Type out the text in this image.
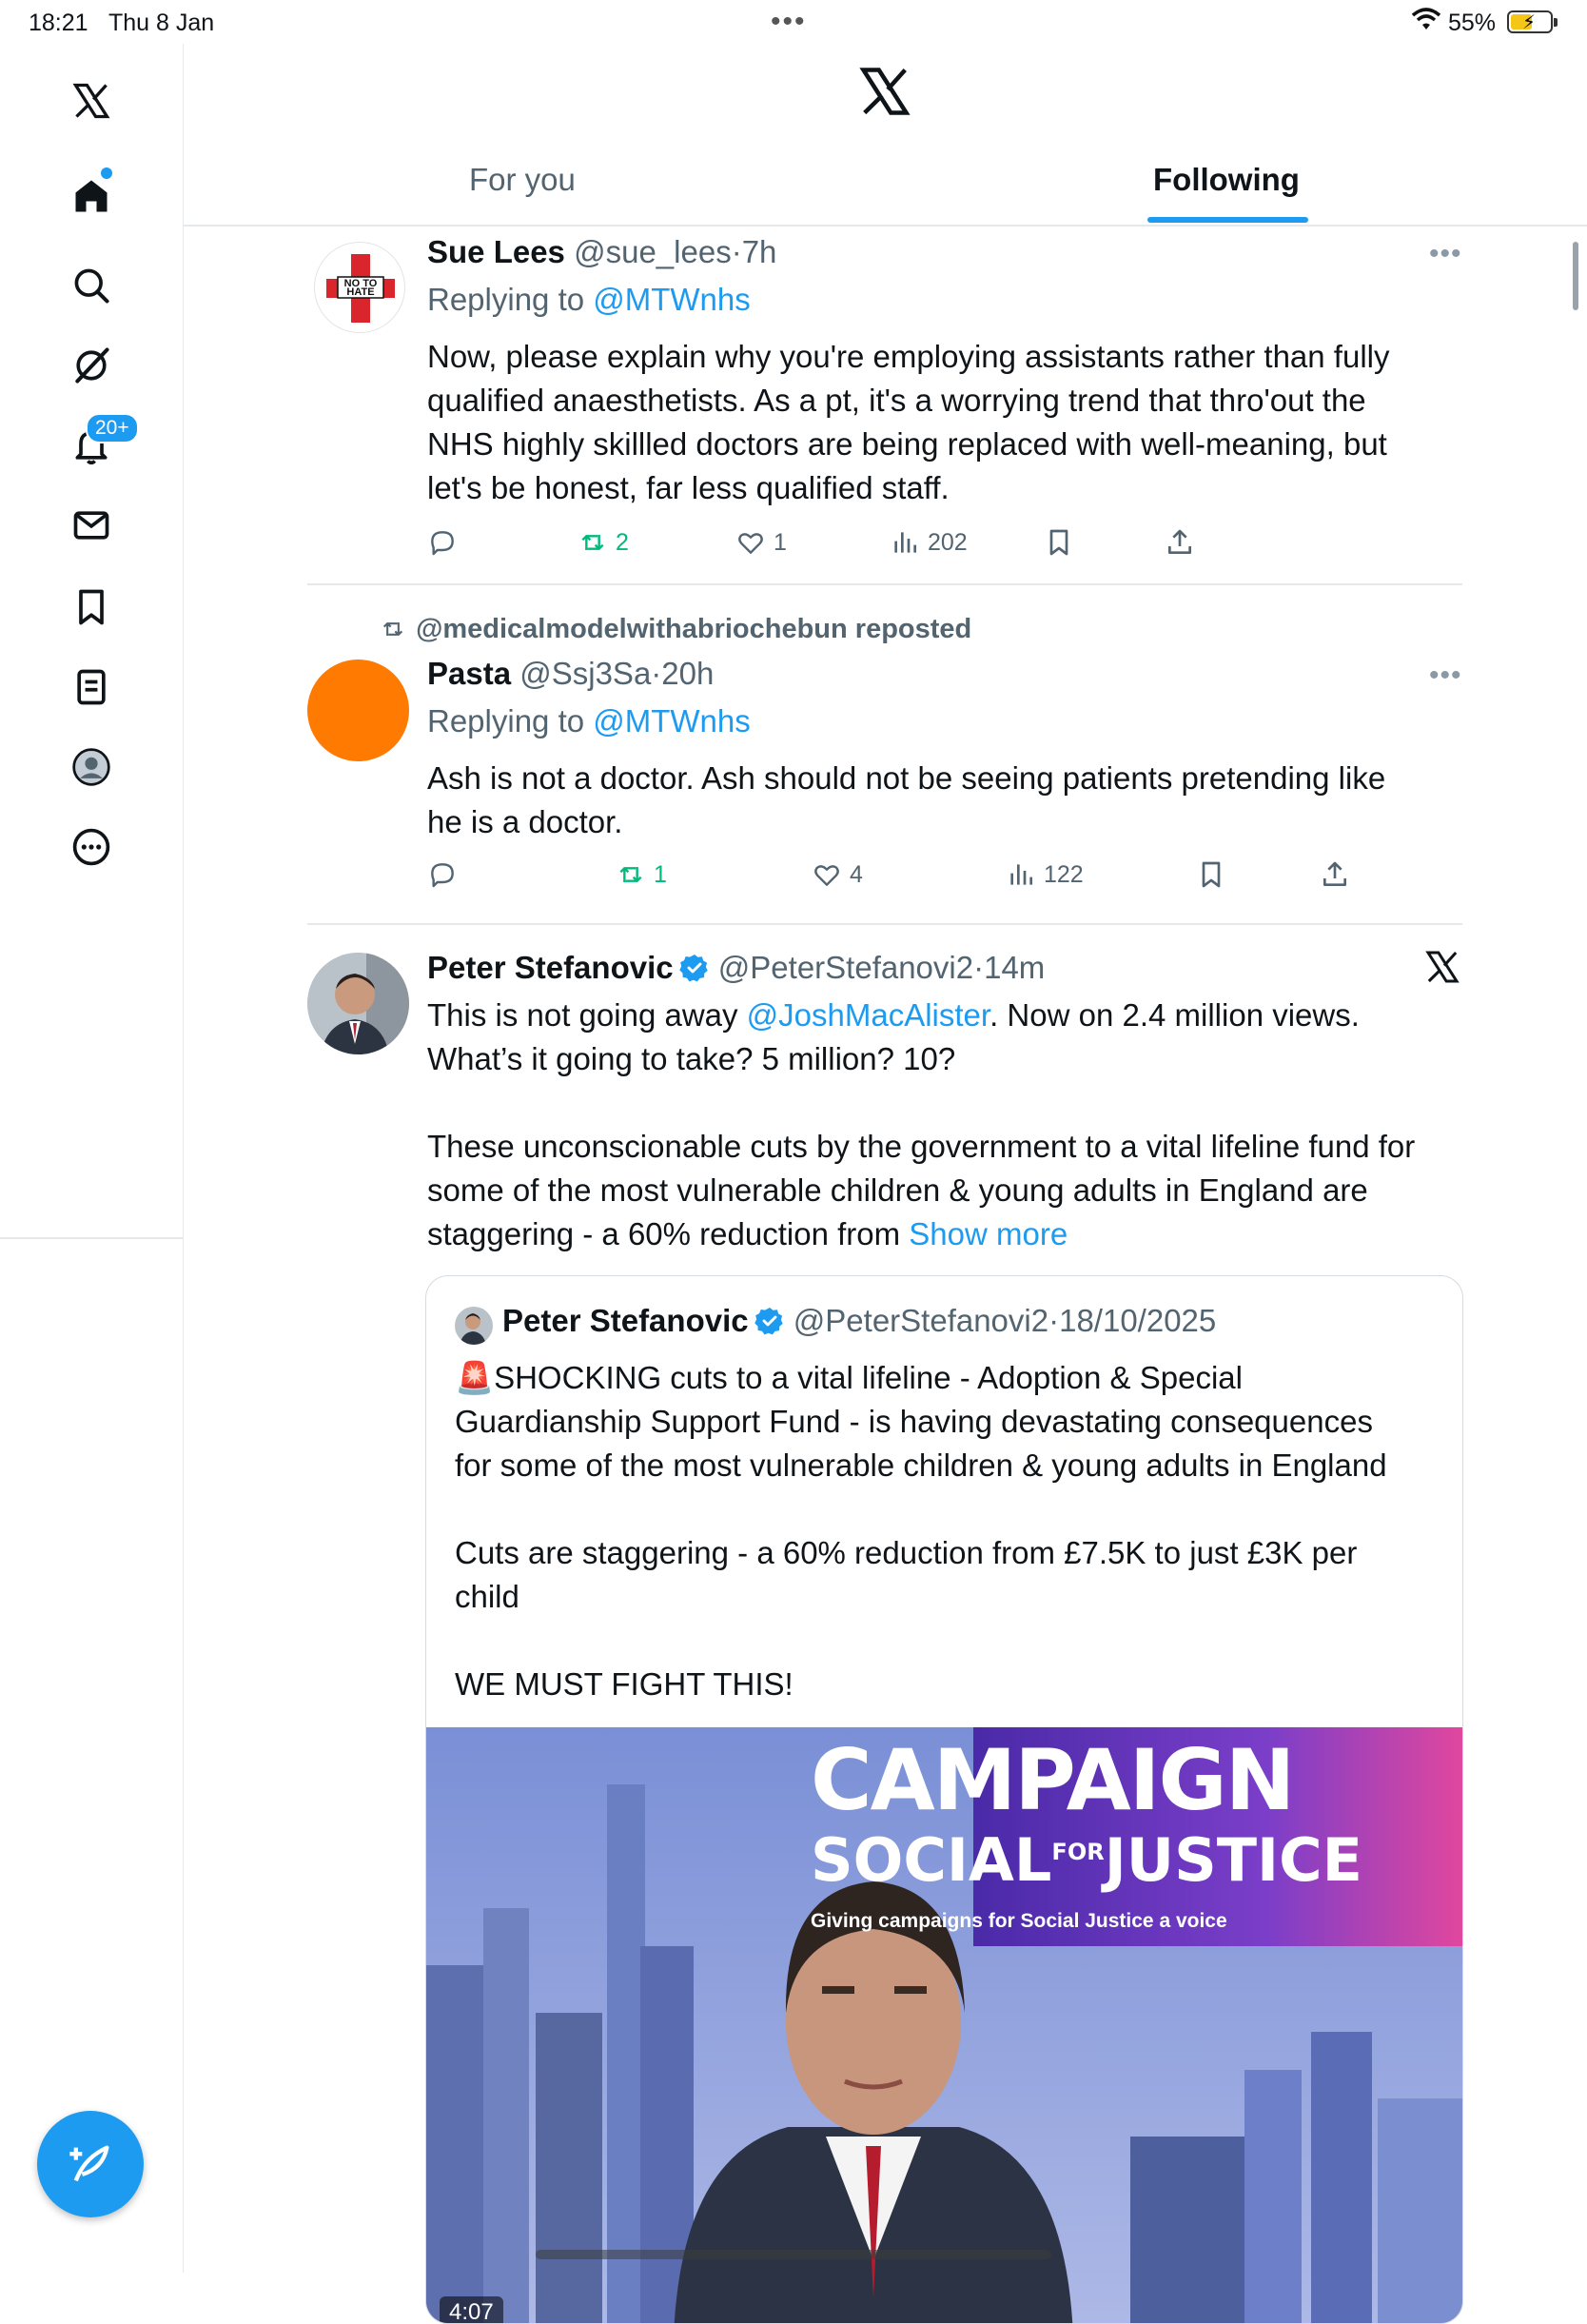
18:21 Thu 8 Jan	•••	55% ⚡
20+
For you	Following
NO TO HATE
Sue Lees @sue_lees·7h	•••
Replying to @MTWnhs
Now, please explain why you're employing assistants rather than fully
qualified anaesthetists. As a pt, it's a worrying trend that thro'out the
NHS highly skillled doctors are being replaced with well-meaning, but
let's be honest, far less qualified staff.
2	1	202
@medicalmodelwithabriochebun reposted
Pasta @Ssj3Sa·20h	•••
Replying to @MTWnhs
Ash is not a doctor. Ash should not be seeing patients pretending like
he is a doctor.
1	4	122
Peter Stefanovic @PeterStefanovi2·14m
This is not going away @JoshMacAlister. Now on 2.4 million views.
What’s it going to take? 5 million? 10?
These unconscionable cuts by the government to a vital lifeline fund for
some of the most vulnerable children & young adults in England are
staggering - a 60% reduction from Show more
Peter Stefanovic @PeterStefanovi2·18/10/2025
🚨SHOCKING cuts to a vital lifeline - Adoption & Special
Guardianship Support Fund - is having devastating consequences
for some of the most vulnerable children & young adults in England
Cuts are staggering - a 60% reduction from £7.5K to just £3K per
child
WE MUST FIGHT THIS!
CAMPAIGN
$SOCIAL^{FOR}JUSTICE$
Giving campaigns for Social Justice a voice
4:07
